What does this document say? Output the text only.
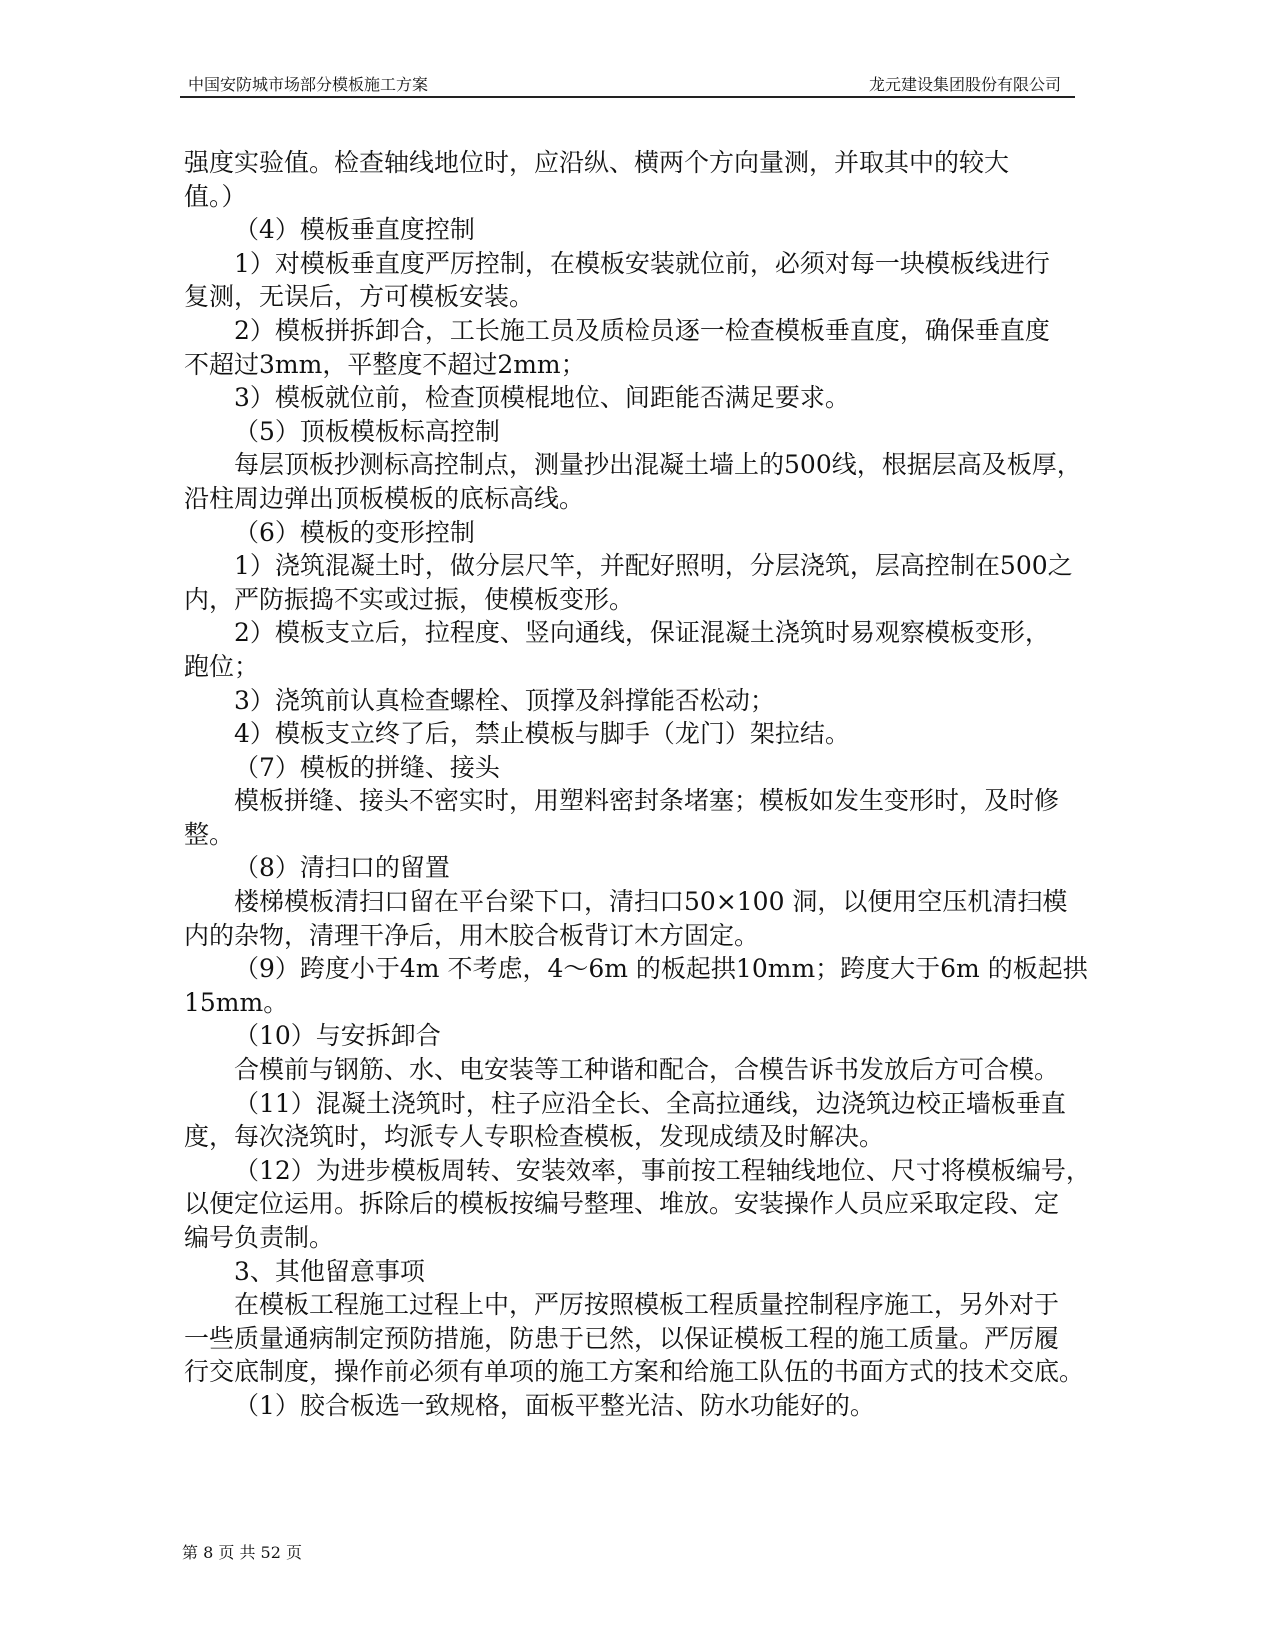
中国安防城市场部分模板施工方案	龙元建设集团股份有限公司
强度实验值。检查轴线地位时，应沿纵、横两个方向量测，并取其中的较大
值。）
（4）模板垂直度控制
1）对模板垂直度严厉控制，在模板安装就位前，必须对每一块模板线进行
复测，无误后，方可模板安装。
2）模板拼拆卸合，工长施工员及质检员逐一检查模板垂直度，确保垂直度
不超过3mm，平整度不超过2mm；
3）模板就位前，检查顶模棍地位、间距能否满足要求。
（5）顶板模板标高控制
每层顶板抄测标高控制点，测量抄出混凝土墙上的500线，根据层高及板厚，
沿柱周边弹出顶板模板的底标高线。
（6）模板的变形控制
1）浇筑混凝土时，做分层尺竿，并配好照明，分层浇筑，层高控制在500之
内，严防振捣不实或过振，使模板变形。
2）模板支立后，拉程度、竖向通线，保证混凝土浇筑时易观察模板变形，
跑位；
3）浇筑前认真检查螺栓、顶撑及斜撑能否松动；
4）模板支立终了后，禁止模板与脚手（龙门）架拉结。
（7）模板的拼缝、接头
模板拼缝、接头不密实时，用塑料密封条堵塞；模板如发生变形时，及时修
整。
（8）清扫口的留置
楼梯模板清扫口留在平台梁下口，清扫口50×100 洞，以便用空压机清扫模
内的杂物，清理干净后，用木胶合板背订木方固定。
（9）跨度小于4m 不考虑，4～6m 的板起拱10mm；跨度大于6m 的板起拱
15mm。
（10）与安拆卸合
合模前与钢筋、水、电安装等工种谐和配合，合模告诉书发放后方可合模。
（11）混凝土浇筑时，柱子应沿全长、全高拉通线，边浇筑边校正墙板垂直
度，每次浇筑时，均派专人专职检查模板，发现成绩及时解决。
（12）为进步模板周转、安装效率，事前按工程轴线地位、尺寸将模板编号，
以便定位运用。拆除后的模板按编号整理、堆放。安装操作人员应采取定段、定
编号负责制。
3、其他留意事项
在模板工程施工过程上中，严厉按照模板工程质量控制程序施工，另外对于
一些质量通病制定预防措施，防患于已然，以保证模板工程的施工质量。严厉履
行交底制度，操作前必须有单项的施工方案和给施工队伍的书面方式的技术交底。
（1）胶合板选一致规格，面板平整光洁、防水功能好的。
第 8 页 共 52 页
